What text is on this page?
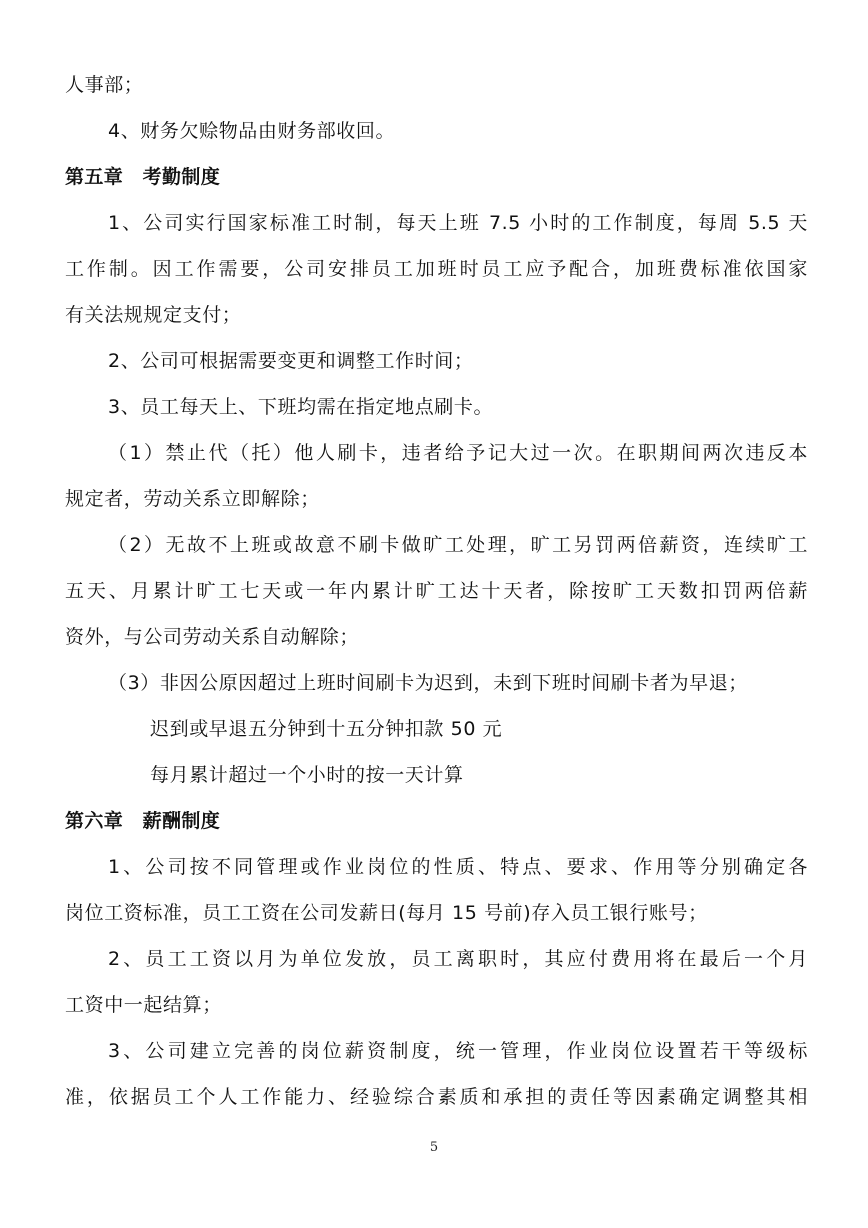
人事部；
4、财务欠赊物品由财务部收回。
第五章　考勤制度
1、公司实行国家标准工时制，每天上班 7.5 小时的工作制度，每周 5.5 天
工作制。因工作需要，公司安排员工加班时员工应予配合，加班费标准依国家
有关法规规定支付；
2、公司可根据需要变更和调整工作时间；
3、员工每天上、下班均需在指定地点刷卡。
（1）禁止代（托）他人刷卡，违者给予记大过一次。在职期间两次违反本
规定者，劳动关系立即解除；
（2）无故不上班或故意不刷卡做旷工处理，旷工另罚两倍薪资，连续旷工
五天、月累计旷工七天或一年内累计旷工达十天者，除按旷工天数扣罚两倍薪
资外，与公司劳动关系自动解除；
（3）非因公原因超过上班时间刷卡为迟到，未到下班时间刷卡者为早退；
迟到或早退五分钟到十五分钟扣款 50 元
每月累计超过一个小时的按一天计算
第六章　薪酬制度
1、公司按不同管理或作业岗位的性质、特点、要求、作用等分别确定各
岗位工资标准，员工工资在公司发薪日(每月 15 号前)存入员工银行账号；
2、员工工资以月为单位发放，员工离职时，其应付费用将在最后一个月
工资中一起结算；
3、公司建立完善的岗位薪资制度，统一管理，作业岗位设置若干等级标
准，依据员工个人工作能力、经验综合素质和承担的责任等因素确定调整其相
5
